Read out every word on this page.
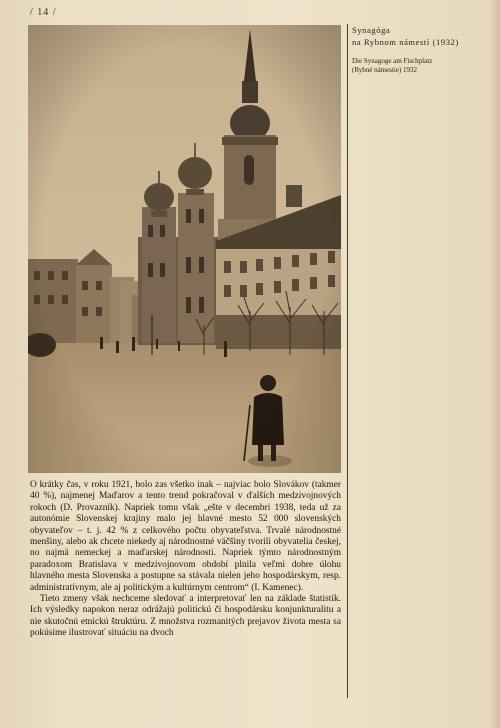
/ 14 /
Synagóga
na Rybnom námestí (1932)
Die Synagoge am Fischplatz
(Rybné námestie) 1932

O krátky čas, v roku 1921, bolo zas všetko inak – najviac bolo Slovákov (takmer 40 %), najmenej Maďarov a tento trend pokračoval v ďalších medzivojnových rokoch (D. Provazník). Napriek tomu však „ešte v decembri 1938, teda už za autonómie Slovenskej krajiny malo jej hlavné mesto 52 000 slovenských obyvateľov – t. j. 42 % z celkového počtu obyvateľstva. Trvalé národnostné menšiny, alebo ak chcete niekedy aj národnostné väčšiny tvorili obyvatelia českej, no najmä nemeckej a maďarskej národnosti. Napriek týmto národnostným paradoxom Bratislava v medzivojnovom období plnila veľmi dobre úlohu hlavného mesta Slovenska a postupne sa stávala nielen jeho hospodárskym, resp. administratívnym, ale aj politickým a kultúrnym centrom“ (I. Kamenec).

Tieto zmeny však nechceme sledovať a interpretovať len na základe štatistík. Ich výsledky napokon neraz odrážajú politickú či hospodársku konjunkturalitu a nie skutočnú etnickú štruktúru. Z množstva rozmanitých prejavov života mesta sa pokúsime ilustrovať situáciu na dvoch
